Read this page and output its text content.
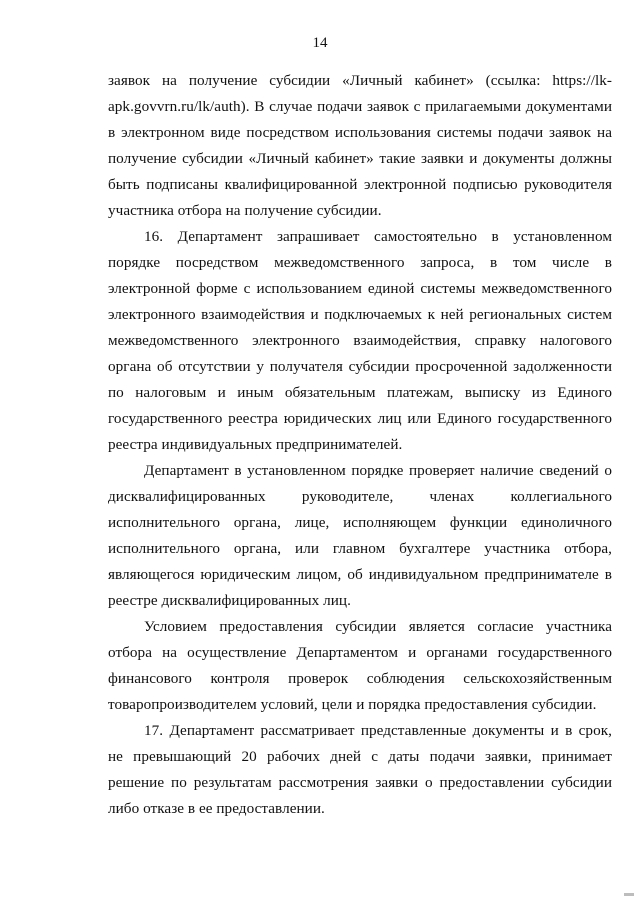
14

заявок на получение субсидии «Личный кабинет» (ссылка: https://lk-apk.govvrn.ru/lk/auth). В случае подачи заявок с прилагаемыми документами в электронном виде посредством использования системы подачи заявок на получение субсидии «Личный кабинет» такие заявки и документы должны быть подписаны квалифицированной электронной подписью руководителя участника отбора на получение субсидии.

16. Департамент запрашивает самостоятельно в установленном порядке посредством межведомственного запроса, в том числе в электронной форме с использованием единой системы межведомственного электронного взаимодействия и подключаемых к ней региональных систем межведомственного электронного взаимодействия, справку налогового органа об отсутствии у получателя субсидии просроченной задолженности по налоговым и иным обязательным платежам, выписку из Единого государственного реестра юридических лиц или Единого государственного реестра индивидуальных предпринимателей.

Департамент в установленном порядке проверяет наличие сведений о дисквалифицированных руководителе, членах коллегиального исполнительного органа, лице, исполняющем функции единоличного исполнительного органа, или главном бухгалтере участника отбора, являющегося юридическим лицом, об индивидуальном предпринимателе в реестре дисквалифицированных лиц.

Условием предоставления субсидии является согласие участника отбора на осуществление Департаментом и органами государственного финансового контроля проверок соблюдения сельскохозяйственным товаропроизводителем условий, цели и порядка предоставления субсидии.

17. Департамент рассматривает представленные документы и в срок, не превышающий 20 рабочих дней с даты подачи заявки, принимает решение по результатам рассмотрения заявки о предоставлении субсидии либо отказе в ее предоставлении.
